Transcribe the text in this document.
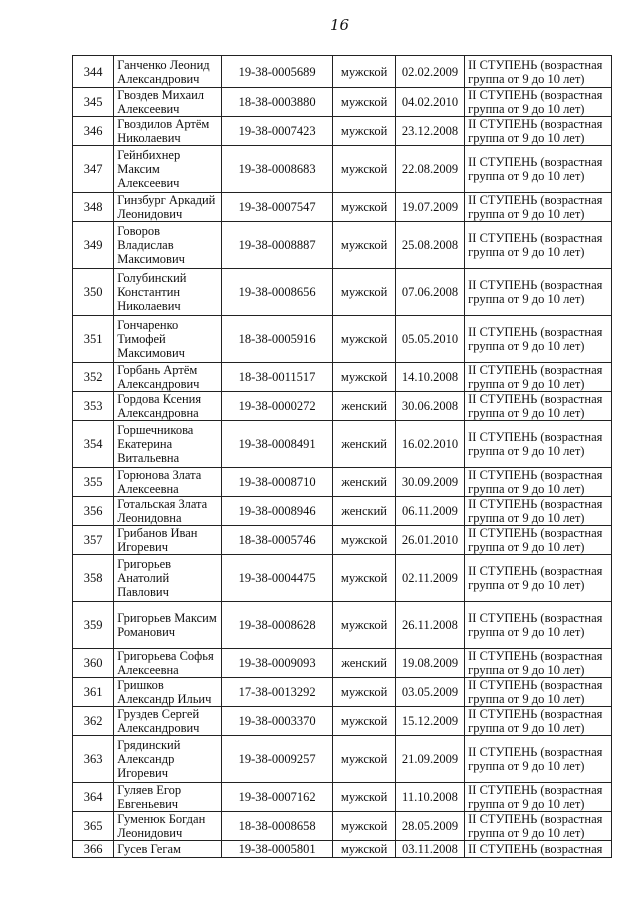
16
344	Ганченко Леонид Александрович	19-38-0005689	мужской	02.02.2009	II СТУПЕНЬ (возрастная группа от 9 до 10 лет)
345	Гвоздев Михаил Алексеевич	18-38-0003880	мужской	04.02.2010	II СТУПЕНЬ (возрастная группа от 9 до 10 лет)
346	Гвоздилов Артём Николаевич	19-38-0007423	мужской	23.12.2008	II СТУПЕНЬ (возрастная группа от 9 до 10 лет)
347	Гейнбихнер Максим Алексеевич	19-38-0008683	мужской	22.08.2009	II СТУПЕНЬ (возрастная группа от 9 до 10 лет)
348	Гинзбург Аркадий Леонидович	19-38-0007547	мужской	19.07.2009	II СТУПЕНЬ (возрастная группа от 9 до 10 лет)
349	Говоров Владислав Максимович	19-38-0008887	мужской	25.08.2008	II СТУПЕНЬ (возрастная группа от 9 до 10 лет)
350	Голубинский Константин Николаевич	19-38-0008656	мужской	07.06.2008	II СТУПЕНЬ (возрастная группа от 9 до 10 лет)
351	Гончаренко Тимофей Максимович	18-38-0005916	мужской	05.05.2010	II СТУПЕНЬ (возрастная группа от 9 до 10 лет)
352	Горбань Артём Александрович	18-38-0011517	мужской	14.10.2008	II СТУПЕНЬ (возрастная группа от 9 до 10 лет)
353	Гордова Ксения Александровна	19-38-0000272	женский	30.06.2008	II СТУПЕНЬ (возрастная группа от 9 до 10 лет)
354	Горшечникова Екатерина Витальевна	19-38-0008491	женский	16.02.2010	II СТУПЕНЬ (возрастная группа от 9 до 10 лет)
355	Горюнова Злата Алексеевна	19-38-0008710	женский	30.09.2009	II СТУПЕНЬ (возрастная группа от 9 до 10 лет)
356	Готальская Злата Леонидовна	19-38-0008946	женский	06.11.2009	II СТУПЕНЬ (возрастная группа от 9 до 10 лет)
357	Грибанов Иван Игоревич	18-38-0005746	мужской	26.01.2010	II СТУПЕНЬ (возрастная группа от 9 до 10 лет)
358	Григорьев Анатолий Павлович	19-38-0004475	мужской	02.11.2009	II СТУПЕНЬ (возрастная группа от 9 до 10 лет)
359	Григорьев Максим Романович	19-38-0008628	мужской	26.11.2008	II СТУПЕНЬ (возрастная группа от 9 до 10 лет)
360	Григорьева Софья Алексеевна	19-38-0009093	женский	19.08.2009	II СТУПЕНЬ (возрастная группа от 9 до 10 лет)
361	Гришков Александр Ильич	17-38-0013292	мужской	03.05.2009	II СТУПЕНЬ (возрастная группа от 9 до 10 лет)
362	Груздев Сергей Александрович	19-38-0003370	мужской	15.12.2009	II СТУПЕНЬ (возрастная группа от 9 до 10 лет)
363	Грядинский Александр Игоревич	19-38-0009257	мужской	21.09.2009	II СТУПЕНЬ (возрастная группа от 9 до 10 лет)
364	Гуляев Егор Евгеньевич	19-38-0007162	мужской	11.10.2008	II СТУПЕНЬ (возрастная группа от 9 до 10 лет)
365	Гуменюк Богдан Леонидович	18-38-0008658	мужской	28.05.2009	II СТУПЕНЬ (возрастная группа от 9 до 10 лет)
366	Гусев Гегам	19-38-0005801	мужской	03.11.2008	II СТУПЕНЬ (возрастная
